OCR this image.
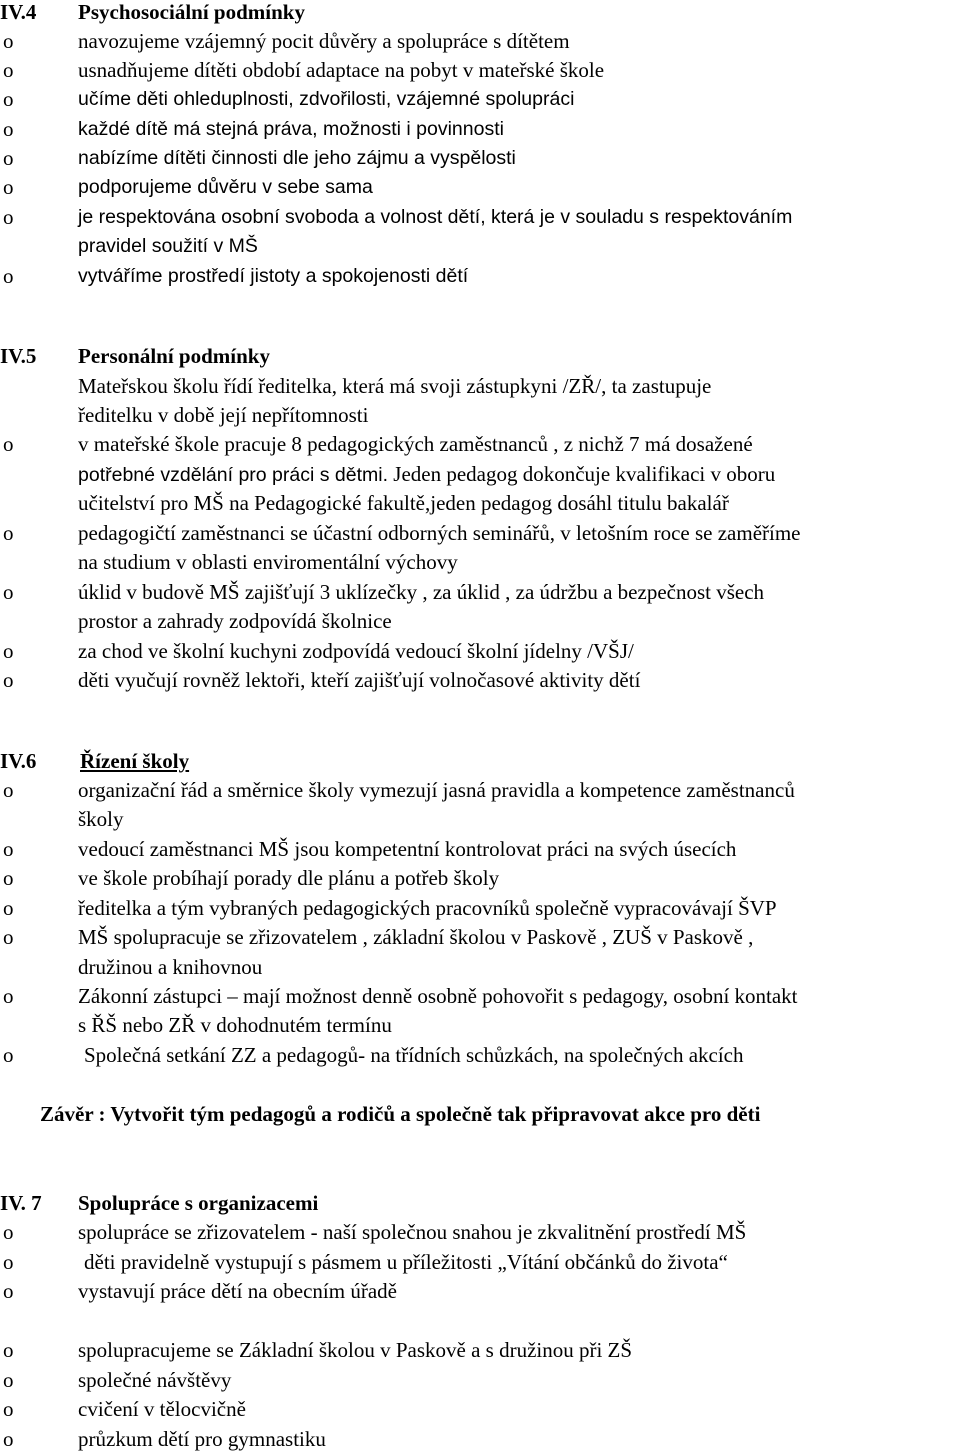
IV.4 Psychosociální podmínky
o	navozujeme vzájemný pocit důvěry a spolupráce s dítětem
o	usnadňujeme dítěti období adaptace na pobyt v mateřské škole
o	učíme děti ohleduplnosti, zdvořilosti, vzájemné spolupráci
o	každé dítě má stejná práva, možnosti i povinnosti
o	nabízíme dítěti činnosti dle jeho zájmu a vyspělosti
o	podporujeme důvěru v sebe sama
o	je respektována osobní svoboda a volnost dětí, která je v souladu s respektováním
pravidel soužití v MŠ
o	vytváříme prostředí jistoty a spokojenosti dětí
IV.5 Personální podmínky
Mateřskou školu řídí ředitelka, která má svoji zástupkyni /ZŘ/, ta zastupuje
ředitelku v době její nepřítomnosti
o	v mateřské škole pracuje 8 pedagogických zaměstnanců , z nichž 7 má dosažené
potřebné vzdělání pro práci s dětmi. Jeden pedagog dokončuje kvalifikaci v oboru
učitelství pro MŠ na Pedagogické fakultě,jeden pedagog dosáhl titulu bakalář
o	pedagogičtí zaměstnanci se účastní odborných seminářů, v letošním roce se zaměříme
na studium v oblasti enviromentální výchovy
o	úklid v budově MŠ zajišťují 3 uklízečky , za úklid , za údržbu a bezpečnost všech
prostor a zahrady zodpovídá školnice
o	za chod ve školní kuchyni zodpovídá vedoucí školní jídelny /VŠJ/
o	děti vyučují rovněž lektoři, kteří zajišťují volnočasové aktivity dětí
IV.6 Řízení školy
o	organizační řád a směrnice školy vymezují jasná pravidla a kompetence zaměstnanců
školy
o	vedoucí zaměstnanci MŠ jsou kompetentní kontrolovat práci na svých úsecích
o	ve škole probíhají porady dle plánu a potřeb školy
o	ředitelka a tým vybraných pedagogických pracovníků společně vypracovávají ŠVP
o	MŠ spolupracuje se zřizovatelem , základní školou v Paskově , ZUŠ v Paskově ,
družinou a knihovnou
o	Zákonní zástupci – mají možnost denně osobně pohovořit s pedagogy, osobní kontakt
s ŘŠ nebo ZŘ v dohodnutém termínu
o	Společná setkání ZZ a pedagogů- na třídních schůzkách, na společných akcích
Závěr : Vytvořit tým pedagogů a rodičů a společně tak připravovat akce pro děti
IV. 7 Spolupráce s organizacemi
o	spolupráce se zřizovatelem - naší společnou snahou je zkvalitnění prostředí MŠ
o	děti pravidelně vystupují s pásmem u příležitosti „Vítání občánků do života“
o	vystavují práce dětí na obecním úřadě
o	spolupracujeme se Základní školou v Paskově a s družinou při ZŠ
o	společné návštěvy
o	cvičení v tělocvičně
o	průzkum dětí pro gymnastiku
